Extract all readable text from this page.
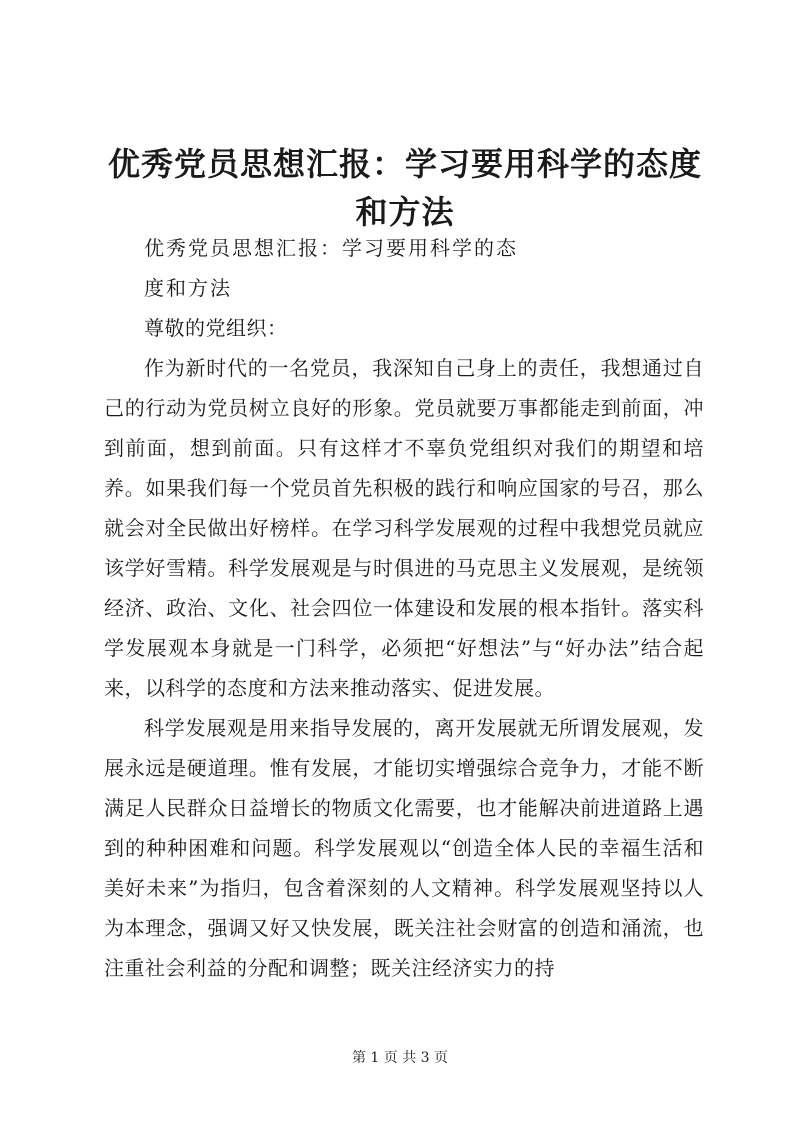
优秀党员思想汇报：学习要用科学的态度和方法

优秀党员思想汇报：学习要用科学的态

度和方法

尊敬的党组织：

作为新时代的一名党员，我深知自己身上的责任，我想通过自己的行动为党员树立良好的形象。党员就要万事都能走到前面，冲到前面，想到前面。只有这样才不辜负党组织对我们的期望和培养。如果我们每一个党员首先积极的践行和响应国家的号召，那么就会对全民做出好榜样。在学习科学发展观的过程中我想党员就应该学好雪精。科学发展观是与时俱进的马克思主义发展观，是统领经济、政治、文化、社会四位一体建设和发展的根本指针。落实科学发展观本身就是一门科学，必须把“好想法”与“好办法”结合起来，以科学的态度和方法来推动落实、促进发展。

科学发展观是用来指导发展的，离开发展就无所谓发展观，发展永远是硬道理。惟有发展，才能切实增强综合竞争力，才能不断满足人民群众日益增长的物质文化需要，也才能解决前进道路上遇到的种种困难和问题。科学发展观以“创造全体人民的幸福生活和美好未来”为指归，包含着深刻的人文精神。科学发展观坚持以人为本理念，强调又好又快发展，既关注社会财富的创造和涌流，也注重社会利益的分配和调整；既关注经济实力的持

第 1 页 共 3 页
